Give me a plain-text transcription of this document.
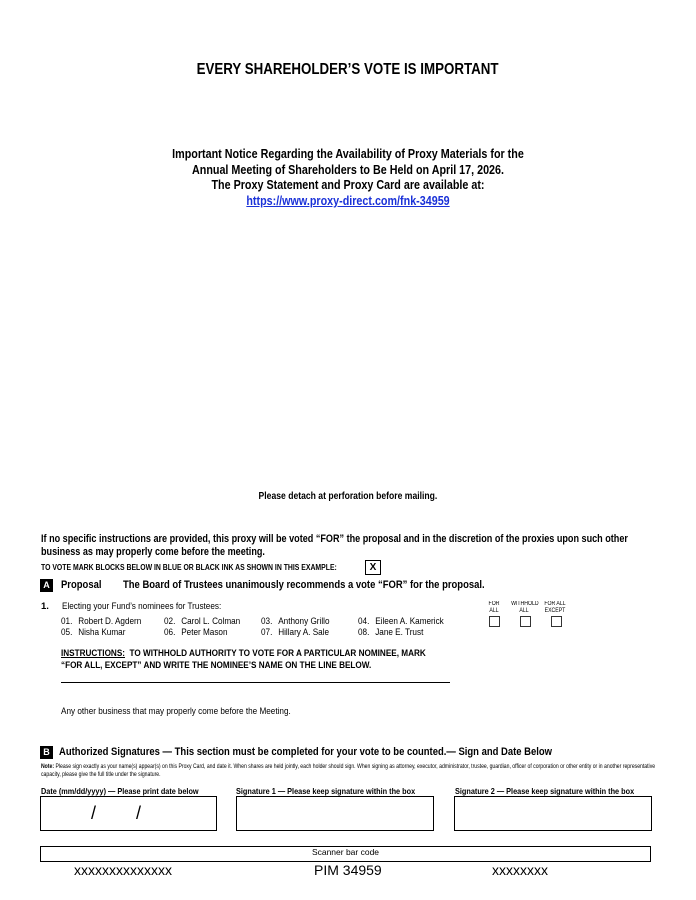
EVERY SHAREHOLDER’S VOTE IS IMPORTANT
Important Notice Regarding the Availability of Proxy Materials for the
Annual Meeting of Shareholders to Be Held on April 17, 2026.
The Proxy Statement and Proxy Card are available at:
https://www.proxy-direct.com/fnk-34959
Please detach at perforation before mailing.
If no specific instructions are provided, this proxy will be voted “FOR” the proposal and in the discretion of the proxies upon such other business as may properly come before the meeting.
TO VOTE MARK BLOCKS BELOW IN BLUE OR BLACK INK AS SHOWN IN THIS EXAMPLE:	X
A Proposal The Board of Trustees unanimously recommends a vote “FOR” for the proposal.
1. Electing your Fund’s nominees for Trustees:	FOR
ALL
WITHHOLD
ALL
FOR ALL
EXCEPT
01. Robert D. Agdern 02. Carol L. Colman 03. Anthony Grillo	04. Eileen A. Kamerick
05. Nisha Kumar	06. Peter Mason	07. Hillary A. Sale	08. Jane E. Trust
INSTRUCTIONS: TO WITHHOLD AUTHORITY TO VOTE FOR A PARTICULAR NOMINEE, MARK
“FOR ALL, EXCEPT” AND WRITE THE NOMINEE’S NAME ON THE LINE BELOW.
Any other business that may properly come before the Meeting.
B Authorized Signatures — This section must be completed for your vote to be counted.— Sign and Date Below
Note: Please sign exactly as your name(s) appear(s) on this Proxy Card, and date it. When shares are held jointly, each holder should sign. When signing as attorney, executor, administrator, trustee, guardian, officer of corporation or other entity or in another representative capacity, please give the full title under the signature.
Date (mm/dd/yyyy) — Please print date below	Signature 1 — Please keep signature within the box	Signature 2 — Please keep signature within the box
/ /
Scanner bar code
xxxxxxxxxxxxxx	PIM 34959	xxxxxxxx
